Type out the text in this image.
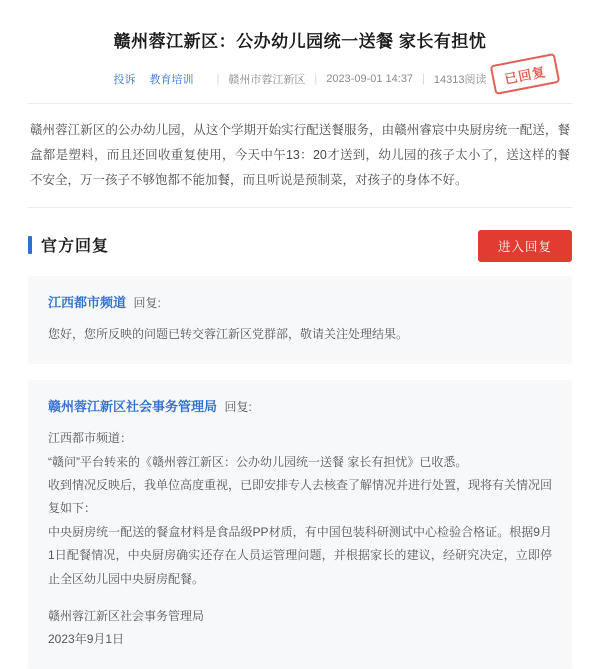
赣州蓉江新区：公办幼儿园统一送餐 家长有担忧
投诉 教育培训 | 赣州市蓉江新区 | 2023-09-01 14:37 | 14313阅读	已回复
赣州蓉江新区的公办幼儿园，从这个学期开始实行配送餐服务，由赣州睿宸中央厨房统一配送，餐盒都是塑料，而且还回收重复使用，今天中午13：20才送到，幼儿园的孩子太小了，送这样的餐不安全，万一孩子不够饱都不能加餐，而且听说是预制菜，对孩子的身体不好。
官方回复	进入回复
江西都市频道 回复:

您好，您所反映的问题已转交蓉江新区党群部，敬请关注处理结果。

赣州蓉江新区社会事务管理局 回复:

江西都市频道：

“赣问”平台转来的《赣州蓉江新区：公办幼儿园统一送餐 家长有担忧》已收悉。

收到情况反映后，我单位高度重视，已即安排专人去核查了解情况并进行处置，现将有关情况回复如下：

中央厨房统一配送的餐盒材料是食品级PP材质，有中国包装科研测试中心检验合格证。根据9月1日配餐情况，中央厨房确实还存在人员运管理问题，并根据家长的建议，经研究决定，立即停止全区幼儿园中央厨房配餐。

赣州蓉江新区社会事务管理局
2023年9月1日
